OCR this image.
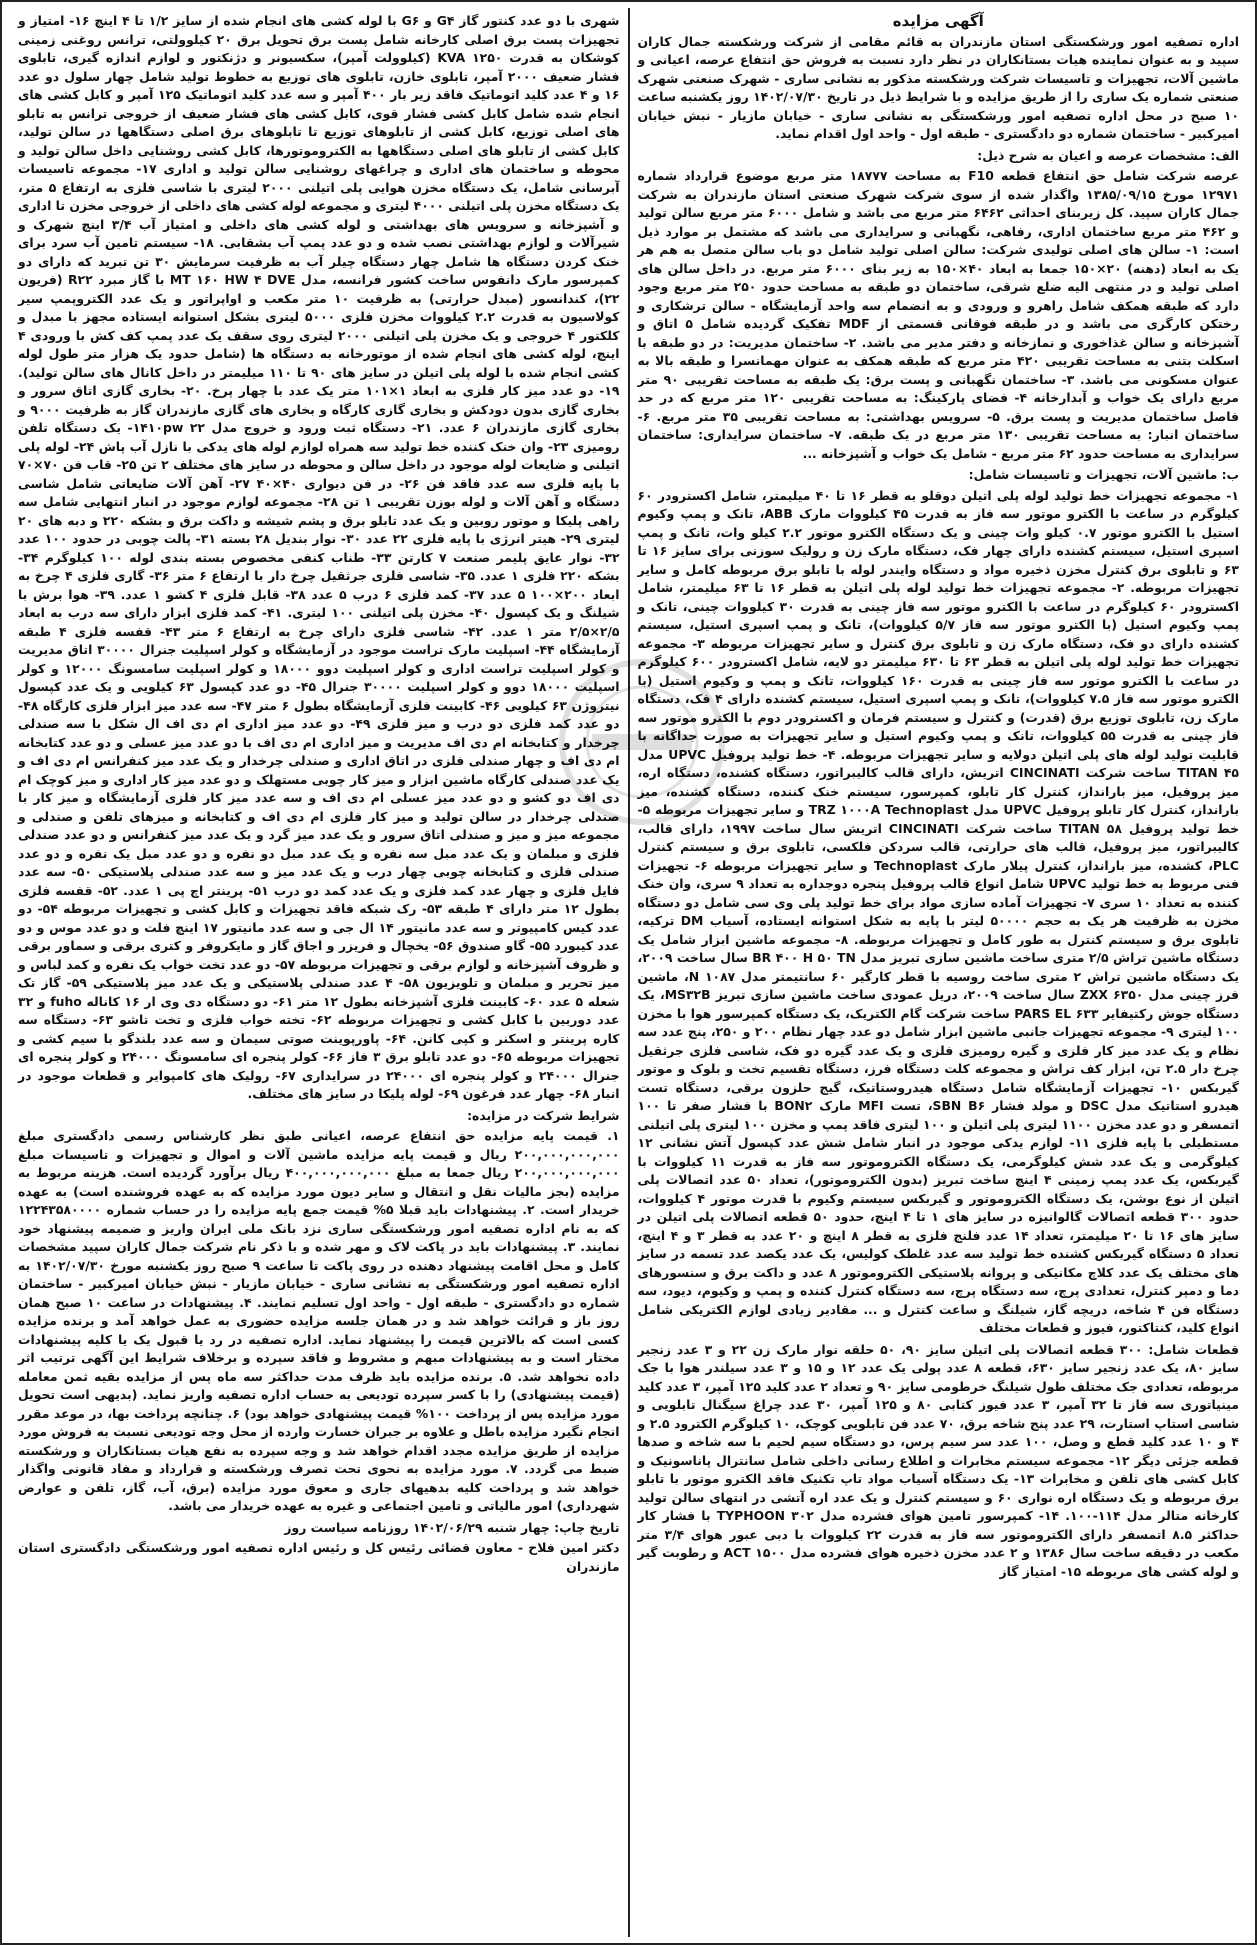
آگهی مزایده
اداره تصفیه امور ورشکستگی استان مازندران به قائم مقامی از شرکت ورشکسته جمال کاران سپید و به عنوان نماینده هیات بستانکاران در نظر دارد نسبت به فروش حق انتفاع عرصه، اعیانی و ماشین آلات، تجهیزات و تاسیسات شرکت ورشکسته مذکور به نشانی ساری - شهرک صنعتی شهرک صنعتی شماره یک ساری را از طریق مزایده و با شرایط ذیل در تاریخ ۱۴۰۲/۰۷/۳۰ روز یکشنبه ساعت ۱۰ صبح در محل اداره تصفیه امور ورشکستگی به نشانی ساری - خیابان مازیار - نبش خیابان امیرکبیر - ساختمان شماره دو دادگستری - طبقه اول - واحد اول اقدام نماید.
الف: مشخصات عرصه و اعیان به شرح ذیل:
عرصه شرکت شامل حق انتفاع قطعه F10 به مساحت ۱۸۷۷۷ متر مربع موضوع قرارداد شماره ۱۲۹۷۱ مورخ ۱۳۸۵/۰۹/۱۵ واگذار شده از سوی شرکت شهرک صنعتی استان مازندران به شرکت جمال کاران سپید. کل زیربنای احداثی ۶۴۶۲ متر مربع می باشد و شامل ۶۰۰۰ متر مربع سالن تولید و ۴۶۲ متر مربع ساختمان اداری، رفاهی، نگهبانی و سرایداری می باشد که مشتمل بر موارد ذیل است: ۱- سالن های اصلی تولیدی شرکت: سالن اصلی تولید شامل دو باب سالن متصل به هم هر یک به ابعاد (دهنه) ۲۰×۱۵۰ جمعا به ابعاد ۴۰×۱۵۰ به زیر بنای ۶۰۰۰ متر مربع. در داخل سالن های اصلی تولید و در منتهی الیه ضلع شرقی، ساختمان دو طبقه به مساحت حدود ۲۵۰ متر مربع وجود دارد که طبقه همکف شامل راهرو و ورودی و به انضمام سه واحد آزمایشگاه - سالن ترشکاری و رختکن کارگری می باشد و در طبقه فوقانی قسمتی از MDF تفکیک گردیده شامل ۵ اتاق و آشپزخانه و سالن غذاخوری و نمازخانه و دفتر مدیر می باشد. ۲- ساختمان مدیریت: در دو طبقه با اسکلت بتنی به مساحت تقریبی ۴۲۰ متر مربع که طبقه همکف به عنوان مهمانسرا و طبقه بالا به عنوان مسکونی می باشد. ۳- ساختمان نگهبانی و پست برق: یک طبقه به مساحت تقریبی ۹۰ متر مربع دارای یک خواب و آبدارخانه ۴- فضای پارکینگ: به مساحت تقریبی ۱۲۰ متر مربع که در حد فاصل ساختمان مدیریت و پست برق. ۵- سرویس بهداشتی: به مساحت تقریبی ۳۵ متر مربع. ۶- ساختمان انبار: به مساحت تقریبی ۱۳۰ متر مربع در یک طبقه. ۷- ساختمان سرایداری: ساختمان سرایداری به مساحت حدود ۶۲ متر مربع - شامل یک خواب و آشپزخانه ...
ب: ماشین آلات، تجهیزات و تاسیسات شامل:
۱- مجموعه تجهیزات خط تولید لوله پلی اتیلن دوقلو به قطر ۱۶ تا ۴۰ میلیمتر، شامل اکسترودر ۶۰ کیلوگرم در ساعت با الکترو موتور سه فاز به قدرت ۴۵ کیلووات مارک ABB، تانک و پمپ وکیوم استیل با الکترو موتور ۰.۷ کیلو وات چینی و یک دستگاه الکترو موتور ۲.۲ کیلو وات، تانک و پمپ اسپری استیل، سیستم کشنده دارای چهار فک، دستگاه مارک زن و رولیک سوزنی برای سایز ۱۶ تا ۶۳ و تابلوی برق کنترل مخزن ذخیره مواد و دستگاه وایندر لوله با تابلو برق مربوطه کامل و سایر تجهیزات مربوطه. ۲- مجموعه تجهیزات خط تولید لوله پلی اتیلن به قطر ۱۶ تا ۶۳ میلیمتر، شامل اکسترودر ۶۰ کیلوگرم در ساعت با الکترو موتور سه فاز چینی به قدرت ۳۰ کیلووات چینی، تانک و پمپ وکیوم استیل (با الکترو موتور سه فاز ۵/۷ کیلووات)، تانک و پمپ اسپری استیل، سیستم کشنده دارای دو فک، دستگاه مارک زن و تابلوی برق کنترل و سایر تجهیزات مربوطه ۳- مجموعه تجهیزات خط تولید لوله پلی اتیلن به قطر ۶۳ تا ۶۳۰ میلیمتر دو لایه، شامل اکسترودر ۶۰۰ کیلوگرم در ساعت با الکترو موتور سه فاز چینی به قدرت ۱۶۰ کیلووات، تانک و پمپ و وکیوم استیل (با الکترو موتور سه فاز ۷.۵ کیلووات)، تانک و پمپ اسپری استیل، سیستم کشنده دارای ۴ فک، دستگاه مارک زن، تابلوی توزیع برق (قدرت) و کنترل و سیستم فرمان و اکسترودر دوم با الکترو موتور سه فاز چینی به قدرت ۵۵ کیلووات، تانک و پمپ وکیوم استیل و سایر تجهیزات به صورت جداگانه با قابلیت تولید لوله های پلی اتیلن دولایه و سایر تجهیزات مربوطه. ۴- خط تولید پروفیل UPVC مدل ۴۵ TITAN ساخت شرکت CINCINATI اتریش، دارای قالب کالیبراتور، دستگاه کشنده، دستگاه اره، میز پروفیل، میز بارانداز، کنترل کار تابلو، کمپرسور، سیستم خنک کننده، دستگاه کشنده، میز بارانداز، کنترل کار تابلو پروفیل UPVC مدل TRZ ۱۰۰۰A Technoplast و سایر تجهیزات مربوطه ۵- خط تولید پروفیل TITAN ۵۸ ساخت شرکت CINCINATI اتریش سال ساخت ۱۹۹۷، دارای قالب، کالیبراتور، میز پروفیل، قالب های حرارتی، قالب سردکن فلکسی، تابلوی برق و سیستم کنترل PLC، کشنده، میز بارانداز، کنترل پیلار مارک Technoplast و سایر تجهیزات مربوطه ۶- تجهیزات فنی مربوط به خط تولید UPVC شامل انواع قالب پروفیل پنجره دوجداره به تعداد ۹ سری، وان خنک کننده به تعداد ۱۰ سری ۷- تجهیزات آماده سازی مواد برای خط تولید پلی وی سی شامل دو دستگاه مخزن به ظرفیت هر یک به حجم ۵۰۰۰۰ لیتر با پایه به شکل استوانه ایستاده، آسیاب DM ترکیه، تابلوی برق و سیستم کنترل به طور کامل و تجهیزات مربوطه. ۸- مجموعه ماشین ابزار شامل یک دستگاه ماشین تراش ۲/۵ متری ساخت ماشین سازی تبریز مدل BR ۴۰۰ H ۵۰ TN سال ساخت ۲۰۰۹، یک دستگاه ماشین تراش ۲ متری ساخت روسیه با قطر کارگیر ۶۰ سانتیمتر مدل N ۱۰۸۷، ماشین فرز چینی مدل ۶۳۵۰ ZXX سال ساخت ۲۰۰۹، دریل عمودی ساخت ماشین سازی تبریز MS۳۲B، یک دستگاه جوش رکتیفایر ۶۳۳ PARS EL ساخت شرکت گام الکتریک، یک دستگاه کمپرسور هوا با مخزن ۱۰۰ لیتری ۹- مجموعه تجهیزات جانبی ماشین ابزار شامل دو عدد چهار نظام ۲۰۰ و ۲۵۰، پنج عدد سه نظام و یک عدد میز کار فلزی و گیره رومیزی فلزی و یک عدد گیره دو فک، شاسی فلزی جرثقیل چرخ دار ۲.۵ تن، ابزار کف تراش و مجموعه کلت دستگاه فرز، دستگاه تقسیم تخت و بلوک و موتور گیربکس ۱۰- تجهیزات آزمایشگاه شامل دستگاه هیدروستاتیک، گیج حلزون برقی، دستگاه تست هیدرو استاتیک مدل DSC و مولد فشار SBN B۶، تست MFI مارک BON۲ با فشار صفر تا ۱۰۰ اتمسفر و دو عدد مخزن ۱۱۰۰ لیتری پلی اتیلن و ۱۰۰ لیتری فاقد پمپ و مخزن ۱۰۰ لیتری پلی اتیلنی مستطیلی با پایه فلزی ۱۱- لوازم یدکی موجود در انبار شامل شش عدد کپسول آتش نشانی ۱۲ کیلوگرمی و یک عدد شش کیلوگرمی، یک دستگاه الکتروموتور سه فاز به قدرت ۱۱ کیلووات با گیربکس، یک عدد پمپ زمینی ۴ اینچ ساخت تبریز (بدون الکتروموتور)، تعداد ۵۰ عدد اتصالات پلی اتیلن از نوع بوشن، یک دستگاه الکتروموتور و گیربکس سیستم وکیوم با قدرت موتور ۴ کیلووات، حدود ۳۰۰ قطعه اتصالات گالوانیزه در سایز های ۱ تا ۴ اینچ، حدود ۵۰ قطعه اتصالات پلی اتیلن در سایز های ۱۶ تا ۲۰ میلیمتر، تعداد ۱۴ عدد فلنج فلزی به قطر ۸ اینچ و ۲۰ عدد به قطر ۳ و ۴ اینچ، تعداد ۵ دستگاه گیربکس کشنده خط تولید سه عدد غلطک کولیس، یک عدد یکصد عدد تسمه در سایز های مختلف یک عدد کلاچ مکانیکی و پروانه پلاستیکی الکتروموتور ۸ عدد و داکت برق و سنسورهای دما و دمپر کنترل، تعدادی پرچ، سه دستگاه پرچ، سه دستگاه کنترل کننده و پمپ و وکیوم، دیود، سه دستگاه فن ۴ شاخه، دریچه گاز، شیلنگ و ساعت کنترل و ... مقادیر زیادی لوازم الکتریکی شامل انواع کلید، کنتاکتور، فیوز و قطعات مختلف
قطعات شامل: ۳۰۰ قطعه اتصالات پلی اتیلن سایز ۹۰، ۵۰ حلقه نوار مارک زن ۲۲ و ۳ عدد زنجیر سایز ۸۰، یک عدد زنجیر سایز ۶۳۰، قطعه ۸ عدد پولی یک عدد ۱۲ و ۱۵ و ۳ عدد سیلندر هوا با جک مربوطه، تعدادی جک مختلف طول شیلنگ خرطومی سایز ۹۰ و تعداد ۲ عدد کلید ۱۲۵ آمپر، ۳ عدد کلید مینیاتوری سه فاز تا ۳۲ آمپر، ۳ عدد فیوز کتابی ۸۰ و ۱۲۵ آمپر، ۳۰ عدد چراغ سیگنال تابلویی و شاسی استاپ استارت، ۲۹ عدد پنج شاخه برق، ۷۰ عدد فن تابلویی کوچک، ۱۰ کیلوگرم الکترود ۲.۵ و ۴ و ۱۰ عدد کلید قطع و وصل، ۱۰۰ عدد سر سیم پرس، دو دستگاه سیم لحیم با سه شاخه و صدها قطعه جزئی دیگر ۱۲- مجموعه سیستم مخابرات و اطلاع رسانی داخلی شامل سانترال پاناسونیک و کابل کشی های تلفن و مخابرات ۱۳- یک دستگاه آسیاب مواد تاپ تکنیک فاقد الکترو موتور با تابلو برق مربوطه و یک دستگاه اره نواری ۶۰ و سیستم کنترل و یک عدد اره آتشی در انتهای سالن تولید کارخانه متالر مدل ۱۱۴-۱۰۰. ۱۴- کمپرسور تامین هوای فشرده مدل ۳۰۲ TYPHOON با فشار کار حداکثر ۸.۵ اتمسفر دارای الکتروموتور سه فاز به قدرت ۲۲ کیلووات با دبی عبور هوای ۳/۴ متر مکعب در دقیقه ساخت سال ۱۳۸۶ و ۲ عدد مخزن ذخیره هوای فشرده مدل ۱۵۰۰ ACT و رطوبت گیر و لوله کشی های مربوطه ۱۵- امتیاز گاز
شهری با دو عدد کنتور گاز G۴ و G۶ با لوله کشی های انجام شده از سایز ۱/۲ تا ۴ اینچ ۱۶- امتیاز و تجهیزات پست برق اصلی کارخانه شامل پست برق تحویل برق ۲۰ کیلوولتی، ترانس روغنی زمینی کوشکان به قدرت ۱۲۵۰ KVA (کیلوولت آمپر)، سکسیونر و دژنکتور و لوازم اندازه گیری، تابلوی فشار ضعیف ۲۰۰۰ آمپر، تابلوی خازن، تابلوی های توزیع به خطوط تولید شامل چهار سلول دو عدد ۱۶ و ۴ عدد کلید اتوماتیک فاقد زیر بار ۴۰۰ آمپر و سه عدد کلید اتوماتیک ۱۲۵ آمپر و کابل کشی های انجام شده شامل کابل کشی فشار قوی، کابل کشی های فشار ضعیف از خروجی ترانس به تابلو های اصلی توزیع، کابل کشی از تابلوهای توزیع تا تابلوهای برق اصلی دستگاهها در سالن تولید، کابل کشی از تابلو های اصلی دستگاهها به الکتروموتورها، کابل کشی روشنایی داخل سالن تولید و محوطه و ساختمان های اداری و چراغهای روشنایی سالن تولید و اداری ۱۷- مجموعه تاسیسات آبرسانی شامل، یک دستگاه مخزن هوایی پلی اتیلنی ۲۰۰۰ لیتری با شاسی فلزی به ارتفاع ۵ متر، یک دستگاه مخزن پلی اتیلنی ۴۰۰۰ لیتری و مجموعه لوله کشی های داخلی از خروجی مخزن تا اداری و آشپزخانه و سرویس های بهداشتی و لوله کشی های داخلی و امتیاز آب ۳/۴ اینچ شهرک و شیرآلات و لوازم بهداشتی نصب شده و دو عدد پمپ آب بشقابی. ۱۸- سیستم تامین آب سرد برای خنک کردن دستگاه ها شامل چهار دستگاه چیلر آب به ظرفیت سرمایش ۳۰ تن تبرید که دارای دو کمپرسور مارک دانفوس ساخت کشور فرانسه، مدل MT ۱۶۰ HW ۴ DVE با گاز مبرد R۲۲ (فریون ۲۲)، کندانسور (مبدل حرارتی) به ظرفیت ۱۰ متر مکعب و اواپراتور و یک عدد الکتروپمپ سیر کولاسیون به قدرت ۲.۲ کیلووات مخزن فلزی ۵۰۰۰ لیتری بشکل استوانه ایستاده مجهز با مبدل و کلکتور ۴ خروجی و یک مخزن پلی اتیلنی ۲۰۰۰ لیتری روی سقف یک عدد پمپ کف کش با ورودی ۴ اینچ، لوله کشی های انجام شده از موتورخانه به دستگاه ها (شامل حدود یک هزار متر طول لوله کشی انجام شده با لوله پلی اتیلن در سایز های ۹۰ تا ۱۱۰ میلیمتر در داخل کانال های سالن تولید). ۱۹- دو عدد میز کار فلزی به ابعاد ۱×۱۰۱ متر یک عدد با چهار پرخ. ۲۰- بخاری گازی اتاق سرور و بخاری گازی بدون دودکش و بخاری گازی کارگاه و بخاری های گازی مازندران گاز به ظرفیت ۹۰۰۰ و بخاری گازی مازندران ۶ عدد. ۲۱- دستگاه ثبت ورود و خروج مدل ۱۴۱۰pw ۲۲- یک دستگاه تلفن رومیزی ۲۳- وان خنک کننده خط تولید سه همراه لوازم لوله های یدکی با نازل آب پاش ۲۴- لوله پلی اتیلنی و ضایعات لوله موجود در داخل سالن و محوطه در سایز های مختلف ۲ تن ۲۵- قاب فن ۷۰×۷۰ با پایه فلزی سه عدد فاقد فن ۲۶- در فن دیواری ۴۰×۴۰ ۲۷- آهن آلات ضایعاتی شامل شاسی دستگاه و آهن آلات و لوله بوزن تقریبی ۱ تن ۲۸- مجموعه لوازم موجود در انبار انتهایی شامل سه راهی پلیکا و موتور روبین و یک عدد تابلو برق و پشم شیشه و داکت برق و بشکه ۲۲۰ و دبه های ۲۰ لیتری ۲۹- هیتر انرژی با پایه فلزی ۲۲ عدد ۳۰- نوار بندیل ۲۸ بسته ۳۱- پالت چوبی در حدود ۱۰۰ عدد ۳۲- نوار عایق پلیمر صنعت ۷ کارتن ۳۳- طناب کنفی مخصوص بسته بندی لوله ۱۰۰ کیلوگرم ۳۴- بشکه ۲۲۰ فلزی ۱ عدد. ۳۵- شاسی فلزی جرثقیل چرخ دار با ارتفاع ۶ متر ۳۶- گاری فلزی ۴ چرخ به ابعاد ۲۰۰×۱۰۰ ۵ عدد ۳۷- کمد فلزی ۶ درب ۵ عدد ۳۸- قابل فلزی ۴ کشو ۱ عدد. ۳۹- هوا برش با شیلنگ و یک کپسول ۴۰- مخزن پلی اتیلنی ۱۰۰ لیتری. ۴۱- کمد فلزی ابزار دارای سه درب به ابعاد ۲/۵×۲/۵ متر ۱ عدد. ۴۲- شاسی فلزی دارای چرخ به ارتفاع ۶ متر ۴۳- قفسه فلزی ۴ طبقه آزمایشگاه ۴۴- اسپلیت مارک تراست موجود در آزمایشگاه و کولر اسپلیت جنرال ۳۰۰۰۰ اتاق مدیریت و کولر اسپلیت تراست اداری و کولر اسپلیت دوو ۱۸۰۰۰ و کولر اسپلیت سامسونگ ۱۲۰۰۰ و کولر اسپلیت ۱۸۰۰۰ دوو و کولر اسپلیت ۳۰۰۰۰ جنرال ۴۵- دو عدد کپسول ۶۳ کیلویی و یک عدد کپسول نیتروژن ۶۳ کیلویی ۴۶- کابینت فلزی آزمایشگاه بطول ۶ متر ۴۷- سه عدد میز ابزار فلزی کارگاه ۴۸- دو عدد کمد فلزی دو درب و میز فلزی ۴۹- دو عدد میز اداری ام دی اف ال شکل با سه صندلی چرخدار و کتابخانه ام دی اف مدیریت و میز اداری ام دی اف با دو عدد میز عسلی و دو عدد کتابخانه ام دی اف و چهار صندلی فلزی در اتاق اداری و صندلی چرخدار و یک عدد میز کنفرانس ام دی اف و یک عدد صندلی کارگاه ماشین ابزار و میز کار چوبی مستهلک و دو عدد میز کار اداری و میز کوچک ام دی اف دو کشو و دو عدد میز عسلی ام دی اف و سه عدد میز کار فلزی آزمایشگاه و میز کار با صندلی چرخدار در سالن تولید و میز کار فلزی ام دی اف و کتابخانه و میزهای تلفن و صندلی و مجموعه میز و میز و صندلی اتاق سرور و یک عدد میز گرد و یک عدد میز کنفرانس و دو عدد صندلی فلزی و مبلمان و یک عدد مبل سه نفره و یک عدد مبل دو نفره و دو عدد مبل یک نفره و دو عدد صندلی فلزی و کتابخانه چوبی چهار درب و یک عدد میز و سه عدد صندلی پلاستیکی ۵۰- سه عدد فایل فلزی و چهار عدد کمد فلزی و یک عدد کمد دو درب ۵۱- پرینتر اچ پی ۱ عدد. ۵۲- قفسه فلزی بطول ۱۲ متر دارای ۴ طبقه ۵۳- رک شبکه فاقد تجهیزات و کابل کشی و تجهیزات مربوطه ۵۴- دو عدد کیس کامپیوتر و سه عدد مانیتور ۱۴ ال جی و سه عدد مانیتور ۱۷ اینچ فلت و دو عدد موس و دو عدد کیبورد ۵۵- گاو صندوق ۵۶- یخچال و فریزر و اجاق گاز و مایکروفر و کتری برقی و سماور برقی و ظروف آشپزخانه و لوازم برقی و تجهیزات مربوطه ۵۷- دو عدد تخت خواب یک نفره و کمد لباس و میز تحریر و مبلمان و تلویزیون ۵۸- ۴ عدد صندلی پلاستیکی و یک عدد میز پلاستیکی ۵۹- گاز تک شعله ۵ عدد ۶۰- کابینت فلزی آشپزخانه بطول ۱۲ متر ۶۱- دو دستگاه دی وی ار ۱۶ کاناله fuho و ۳۲ عدد دوربین با کابل کشی و تجهیزات مربوطه ۶۲- تخته خواب فلزی و تخت تاشو ۶۳- دستگاه سه کاره پرینتر و اسکنر و کپی کانن. ۶۴- پاورپوینت صوتی سیمان و سه عدد بلندگو با سیم کشی و تجهیزات مربوطه ۶۵- دو عدد تابلو برق ۳ فاز ۶۶- کولر پنجره ای سامسونگ ۲۴۰۰۰ و کولر پنجره ای جنرال ۲۴۰۰۰ و کولر پنجره ای ۲۴۰۰۰ در سرایداری ۶۷- رولیک های کامپوایر و قطعات موجود در انبار ۶۸- چهار عدد فرغون ۶۹- لوله پلیکا در سایز های مختلف.
شرایط شرکت در مزایده:
۱. قیمت پایه مزایده حق انتفاع عرصه، اعیانی طبق نظر کارشناس رسمی دادگستری مبلغ ۲۰۰,۰۰۰,۰۰۰,۰۰۰ ریال و قیمت پایه مزایده ماشین آلات و اموال و تجهیزات و تاسیسات مبلغ ۲۰۰,۰۰۰,۰۰۰,۰۰۰ ریال جمعا به مبلغ ۴۰۰,۰۰۰,۰۰۰,۰۰۰ ریال برآورد گردیده است. هزینه مربوط به مزایده (بجز مالیات نقل و انتقال و سایر دیون مورد مزایده که به عهده فروشنده است) به عهده خریدار است. ۲. پیشنهادات باید قبلا ۵% قیمت جمع پایه مزایده را در حساب شماره ۱۲۲۴۳۵۸۰۰۰۰ که به نام اداره تصفیه امور ورشکستگی ساری نزد بانک ملی ایران واریز و ضمیمه پیشنهاد خود نمایند. ۳. پیشنهادات باید در پاکت لاک و مهر شده و با ذکر نام شرکت جمال کاران سپید مشخصات کامل و محل اقامت پیشنهاد دهنده در روی پاکت تا ساعت ۹ صبح روز یکشنبه مورخ ۱۴۰۲/۰۷/۳۰ به اداره تصفیه امور ورشکستگی به نشانی ساری - خیابان مازیار - نبش خیابان امیرکبیر - ساختمان شماره دو دادگستری - طبقه اول - واحد اول تسلیم نمایند. ۴. پیشنهادات در ساعت ۱۰ صبح همان روز باز و قرائت خواهد شد و در همان جلسه مزایده حضوری به عمل خواهد آمد و برنده مزایده کسی است که بالاترین قیمت را پیشنهاد نماید. اداره تصفیه در رد یا قبول یک یا کلیه پیشنهادات مختار است و به پیشنهادات مبهم و مشروط و فاقد سپرده و برخلاف شرایط این آگهی ترتیب اثر داده نخواهد شد. ۵. برنده مزایده باید ظرف مدت حداکثر سه ماه پس از مزایده بقیه ثمن معامله (قیمت پیشنهادی) را با کسر سپرده تودیعی به حساب اداره تصفیه واریز نماید. (بدیهی است تحویل مورد مزایده پس از پرداخت ۱۰۰% قیمت پیشنهادی خواهد بود) ۶. چنانچه پرداخت بها، در موعد مقرر انجام نگیرد مزایده باطل و علاوه بر جبران خسارت وارده از محل وجه تودیعی نسبت به فروش مورد مزایده از طریق مزایده مجدد اقدام خواهد شد و وجه سپرده به نفع هیات بستانکاران و ورشکسته ضبط می گردد. ۷. مورد مزایده به نحوی تحت تصرف ورشکسته و قرارداد و مفاد قانونی واگذار خواهد شد و پرداخت کلیه بدهیهای جاری و معوق مورد مزایده (برق، آب، گاز، تلفن و عوارض شهرداری) امور مالیاتی و تامین اجتماعی و غیره به عهده خریدار می باشد.
تاریخ چاپ: چهار شنبه ۱۴۰۲/۰۶/۲۹ روزنامه سیاست روز
دکتر امین فلاح - معاون قضائی رئیس کل و رئیس اداره تصفیه امور ورشکستگی دادگستری استان مازندران
